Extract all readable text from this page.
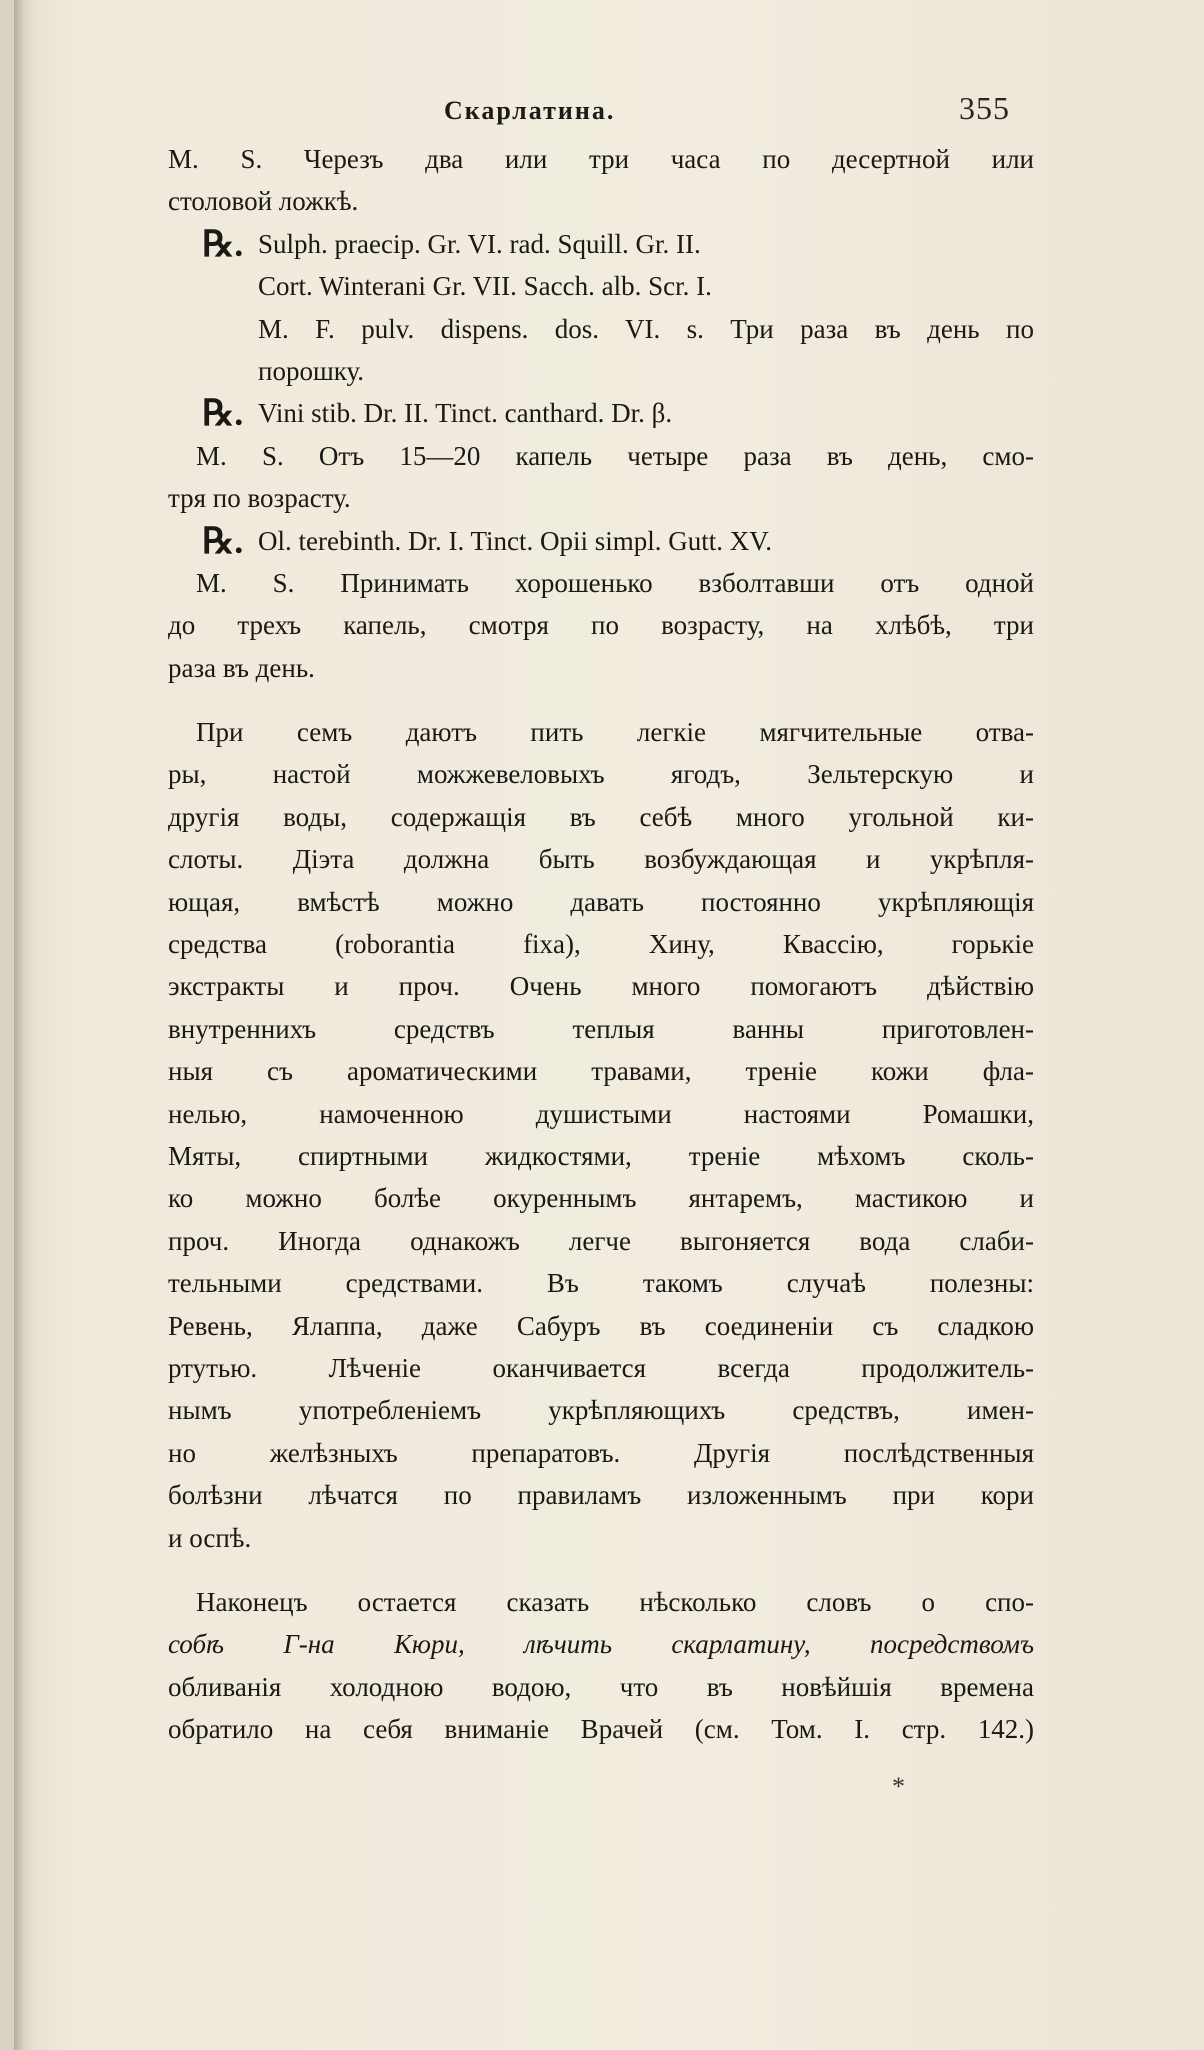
Скарлатина.	355
M. S. Черезъ два или три часа по десертной или
столовой ложкѣ.
℞. Sulph. praecip. Gr. VI. rad. Squill. Gr. II.
Cort. Winterani Gr. VII. Sacch. alb. Scr. I.
M. F. pulv. dispens. dos. VI. s. Три раза въ день по
порошку.
℞. Vini stib. Dr. II. Tinct. canthard. Dr. β.
M. S. Отъ 15—20 капель четыре раза въ день, смо-
тря по возрасту.
℞. Ol. terebinth. Dr. I. Tinct. Opii simpl. Gutt. XV.
M. S. Принимать хорошенько взболтавши отъ одной
до трехъ капель, смотря по возрасту, на хлѣбѣ, три
раза въ день.
При семъ даютъ пить легкіе мягчительные отва-
ры, настой можжевеловыхъ ягодъ, Зельтерскую и
другія воды, содержащія въ себѣ много угольной ки-
слоты. Діэта должна быть возбуждающая и укрѣпля-
ющая, вмѣстѣ можно давать постоянно укрѣпляющія
средства (roborantia fixa), Хину, Квассію, горькіе
экстракты и проч. Очень много помогаютъ дѣйствію
внутреннихъ средствъ теплыя ванны приготовлен-
ныя съ ароматическими травами, треніе кожи фла-
нелью, намоченною душистыми настоями Ромашки,
Мяты, спиртными жидкостями, треніе мѣхомъ сколь-
ко можно болѣе окуреннымъ янтаремъ, мастикою и
проч. Иногда однакожъ легче выгоняется вода слаби-
тельными средствами. Въ такомъ случаѣ полезны:
Ревень, Ялаппа, даже Сабуръ въ соединеніи съ сладкою
ртутью. Лѣченіе оканчивается всегда продолжитель-
нымъ употребленіемъ укрѣпляющихъ средствъ, имен-
но желѣзныхъ препаратовъ. Другія послѣдственныя
болѣзни лѣчатся по правиламъ изложеннымъ при кори
и оспѣ.
Наконецъ остается сказать нѣсколько словъ о спо-
собѣ Г-на Кюри, лѣчить скарлатину, посредствомъ
обливанія холодною водою, что въ новѣйшія времена
обратило на себя вниманіе Врачей (см. Том. I. стр. 142.)
*
